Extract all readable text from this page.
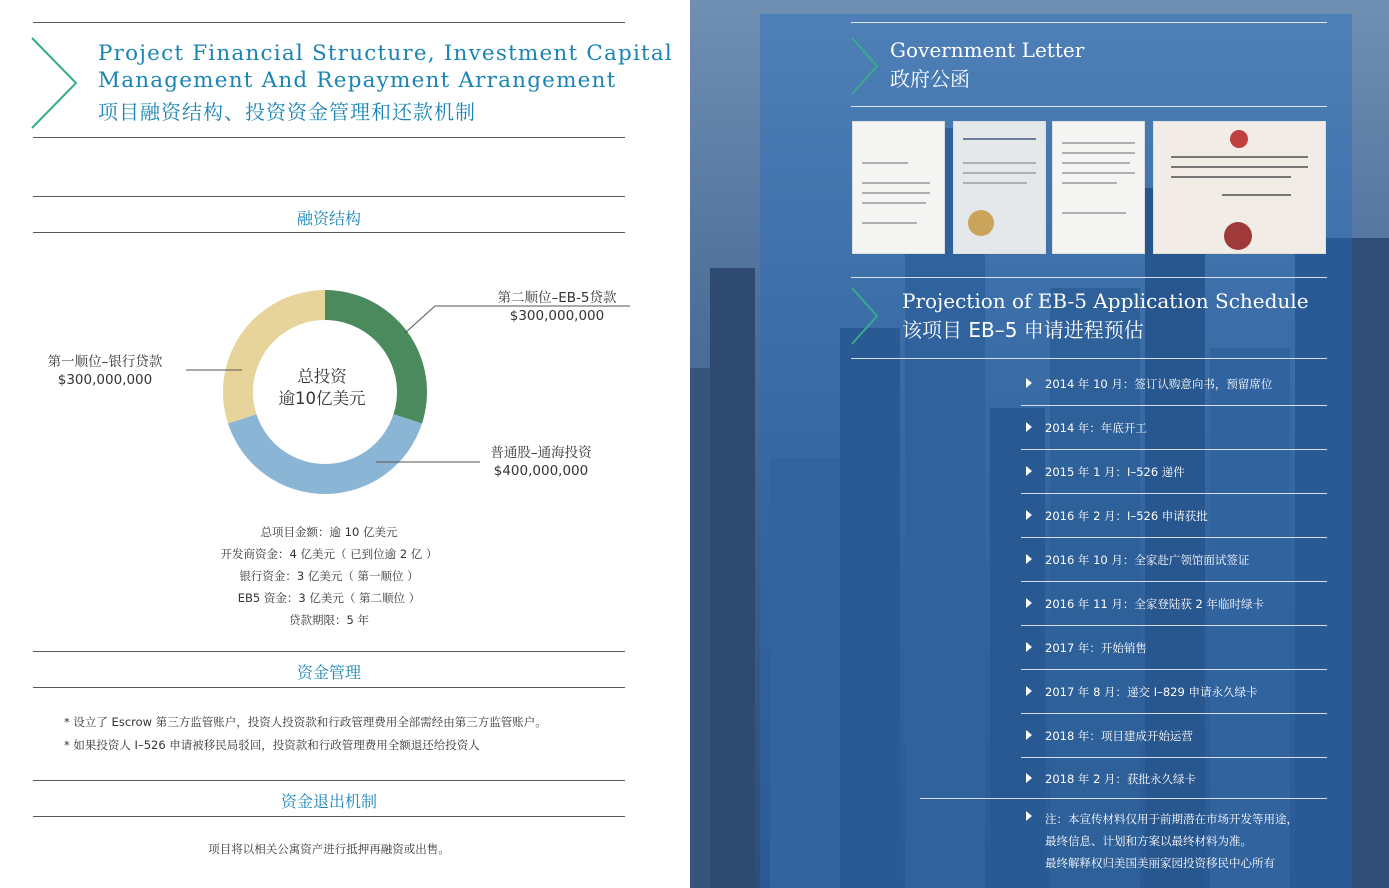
Project Financial Structure, Investment Capital
Management And Repayment Arrangement
项目融资结构、投资资金管理和还款机制
融资结构
总投资
逾10亿美元
第二顺位–EB-5贷款
$300,000,000
第一顺位–银行贷款
$300,000,000
普通股–通海投资
$400,000,000
总项目金额：逾 10 亿美元
开发商资金：4 亿美元（ 已到位逾 2 亿 ）
银行资金：3 亿美元（ 第一顺位 ）
EB5 资金：3 亿美元（ 第二顺位 ）
贷款期限：5 年
资金管理
* 设立了 Escrow 第三方监管账户，投资人投资款和行政管理费用全部需经由第三方监管账户。
* 如果投资人 I–526 申请被移民局驳回，投资款和行政管理费用全额退还给投资人
资金退出机制
项目将以相关公寓资产进行抵押再融资或出售。
Government Letter
政府公函
Projection of EB-5 Application Schedule
该项目 EB–5 申请进程预估
2014 年 10 月：签订认购意向书，预留席位
2014 年：年底开工
2015 年 1 月：I–526 递件
2016 年 2 月：I–526 申请获批
2016 年 10 月：全家赴广领馆面试签证
2016 年 11 月：全家登陆获 2 年临时绿卡
2017 年：开始销售
2017 年 8 月：递交 I–829 申请永久绿卡
2018 年：项目建成开始运营
2018 年 2 月：获批永久绿卡
注：本宣传材料仅用于前期潜在市场开发等用途，
最终信息、计划和方案以最终材料为准。
最终解释权归美国美丽家园投资移民中心所有
